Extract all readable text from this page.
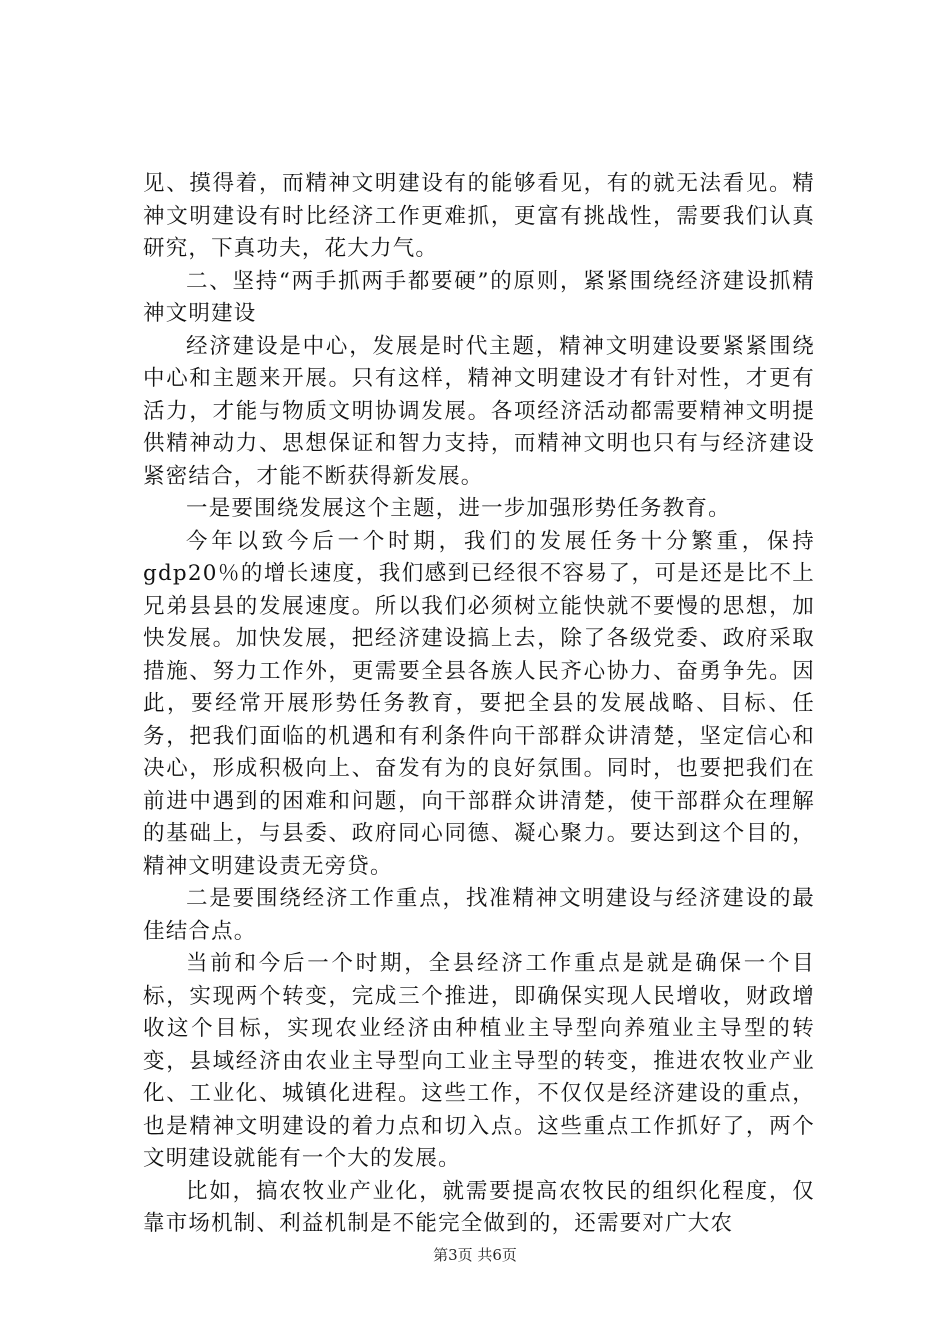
见、摸得着，而精神文明建设有的能够看见，有的就无法看见。精神文明建设有时比经济工作更难抓，更富有挑战性，需要我们认真研究，下真功夫，花大力气。

二、坚持“两手抓两手都要硬”的原则，紧紧围绕经济建设抓精神文明建设

经济建设是中心，发展是时代主题，精神文明建设要紧紧围绕中心和主题来开展。只有这样，精神文明建设才有针对性，才更有活力，才能与物质文明协调发展。各项经济活动都需要精神文明提供精神动力、思想保证和智力支持，而精神文明也只有与经济建设紧密结合，才能不断获得新发展。

一是要围绕发展这个主题，进一步加强形势任务教育。

今年以致今后一个时期，我们的发展任务十分繁重，保持gdp20％的增长速度，我们感到已经很不容易了，可是还是比不上兄弟县县的发展速度。所以我们必须树立能快就不要慢的思想，加快发展。加快发展，把经济建设搞上去，除了各级党委、政府采取措施、努力工作外，更需要全县各族人民齐心协力、奋勇争先。因此，要经常开展形势任务教育，要把全县的发展战略、目标、任务，把我们面临的机遇和有利条件向干部群众讲清楚，坚定信心和决心，形成积极向上、奋发有为的良好氛围。同时，也要把我们在前进中遇到的困难和问题，向干部群众讲清楚，使干部群众在理解的基础上，与县委、政府同心同德、凝心聚力。要达到这个目的，精神文明建设责无旁贷。

二是要围绕经济工作重点，找准精神文明建设与经济建设的最佳结合点。

当前和今后一个时期，全县经济工作重点是就是确保一个目标，实现两个转变，完成三个推进，即确保实现人民增收，财政增收这个目标，实现农业经济由种植业主导型向养殖业主导型的转变，县域经济由农业主导型向工业主导型的转变，推进农牧业产业化、工业化、城镇化进程。这些工作，不仅仅是经济建设的重点，也是精神文明建设的着力点和切入点。这些重点工作抓好了，两个文明建设就能有一个大的发展。

比如，搞农牧业产业化，就需要提高农牧民的组织化程度，仅靠市场机制、利益机制是不能完全做到的，还需要对广大农

第3页 共6页
